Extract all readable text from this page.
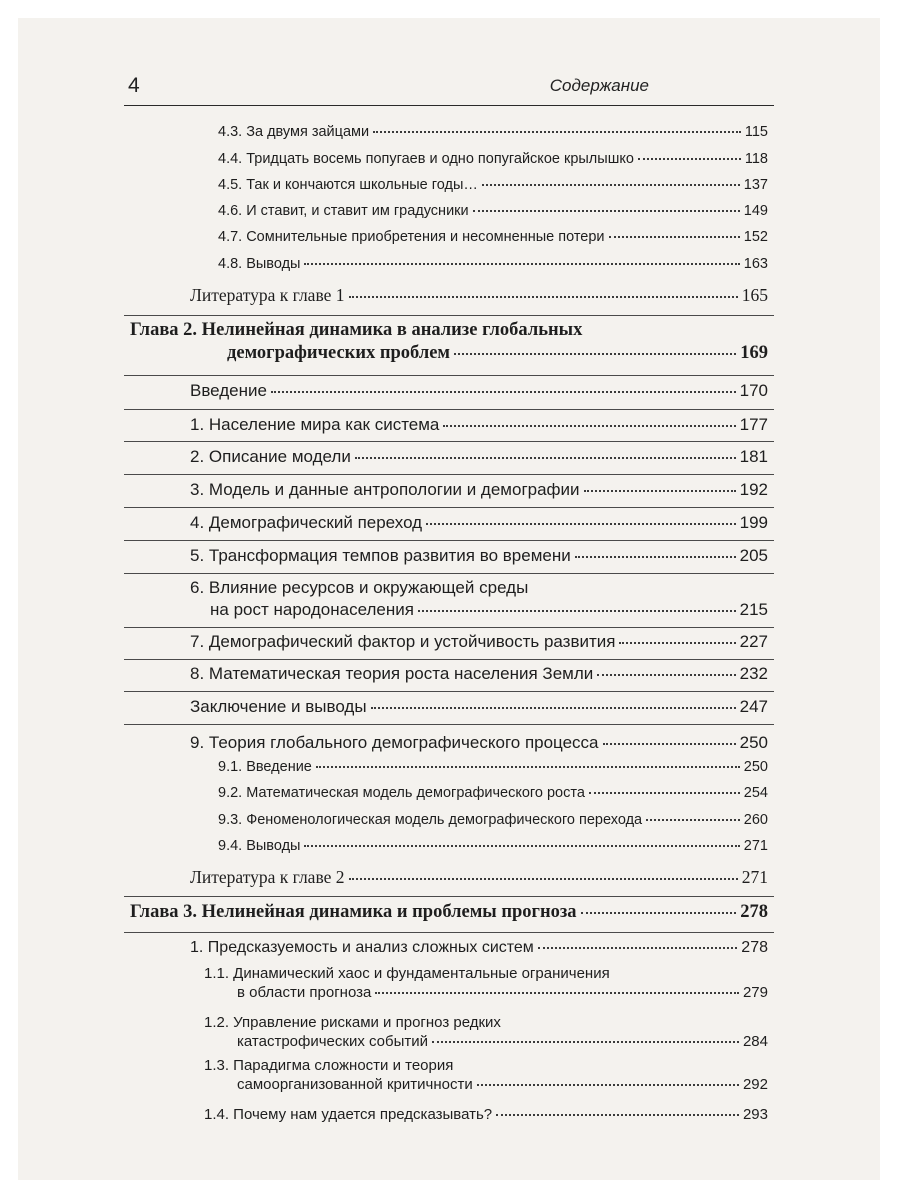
4	Содержание
4.3. За двумя зайцами	115
4.4. Тридцать восемь попугаев и одно попугайское крылышко	118
4.5. Так и кончаются школьные годы…	137
4.6. И ставит, и ставит им градусники	149
4.7. Сомнительные приобретения и несомненные потери	152
4.8. Выводы	163
Литература к главе 1	165
Глава 2. Нелинейная динамика в анализе глобальных
демографических проблем	169
Введение	170
1. Население мира как система	177
2. Описание модели	181
3. Модель и данные антропологии и демографии	192
4. Демографический переход	199
5. Трансформация темпов развития во времени	205
6. Влияние ресурсов и окружающей среды
на рост народонаселения	215
7. Демографический фактор и устойчивость развития	227
8. Математическая теория роста населения Земли	232
Заключение и выводы	247
9. Теория глобального демографического процесса	250
9.1. Введение	250
9.2. Математическая модель демографического роста	254
9.3. Феноменологическая модель демографического перехода	260
9.4. Выводы	271
Литература к главе 2	271
Глава 3. Нелинейная динамика и проблемы прогноза	278
1. Предсказуемость и анализ сложных систем	278
1.1. Динамический хаос и фундаментальные ограничения
в области прогноза	279
1.2. Управление рисками и прогноз редких
катастрофических событий	284
1.3. Парадигма сложности и теория
самоорганизованной критичности	292
1.4. Почему нам удается предсказывать?	293
